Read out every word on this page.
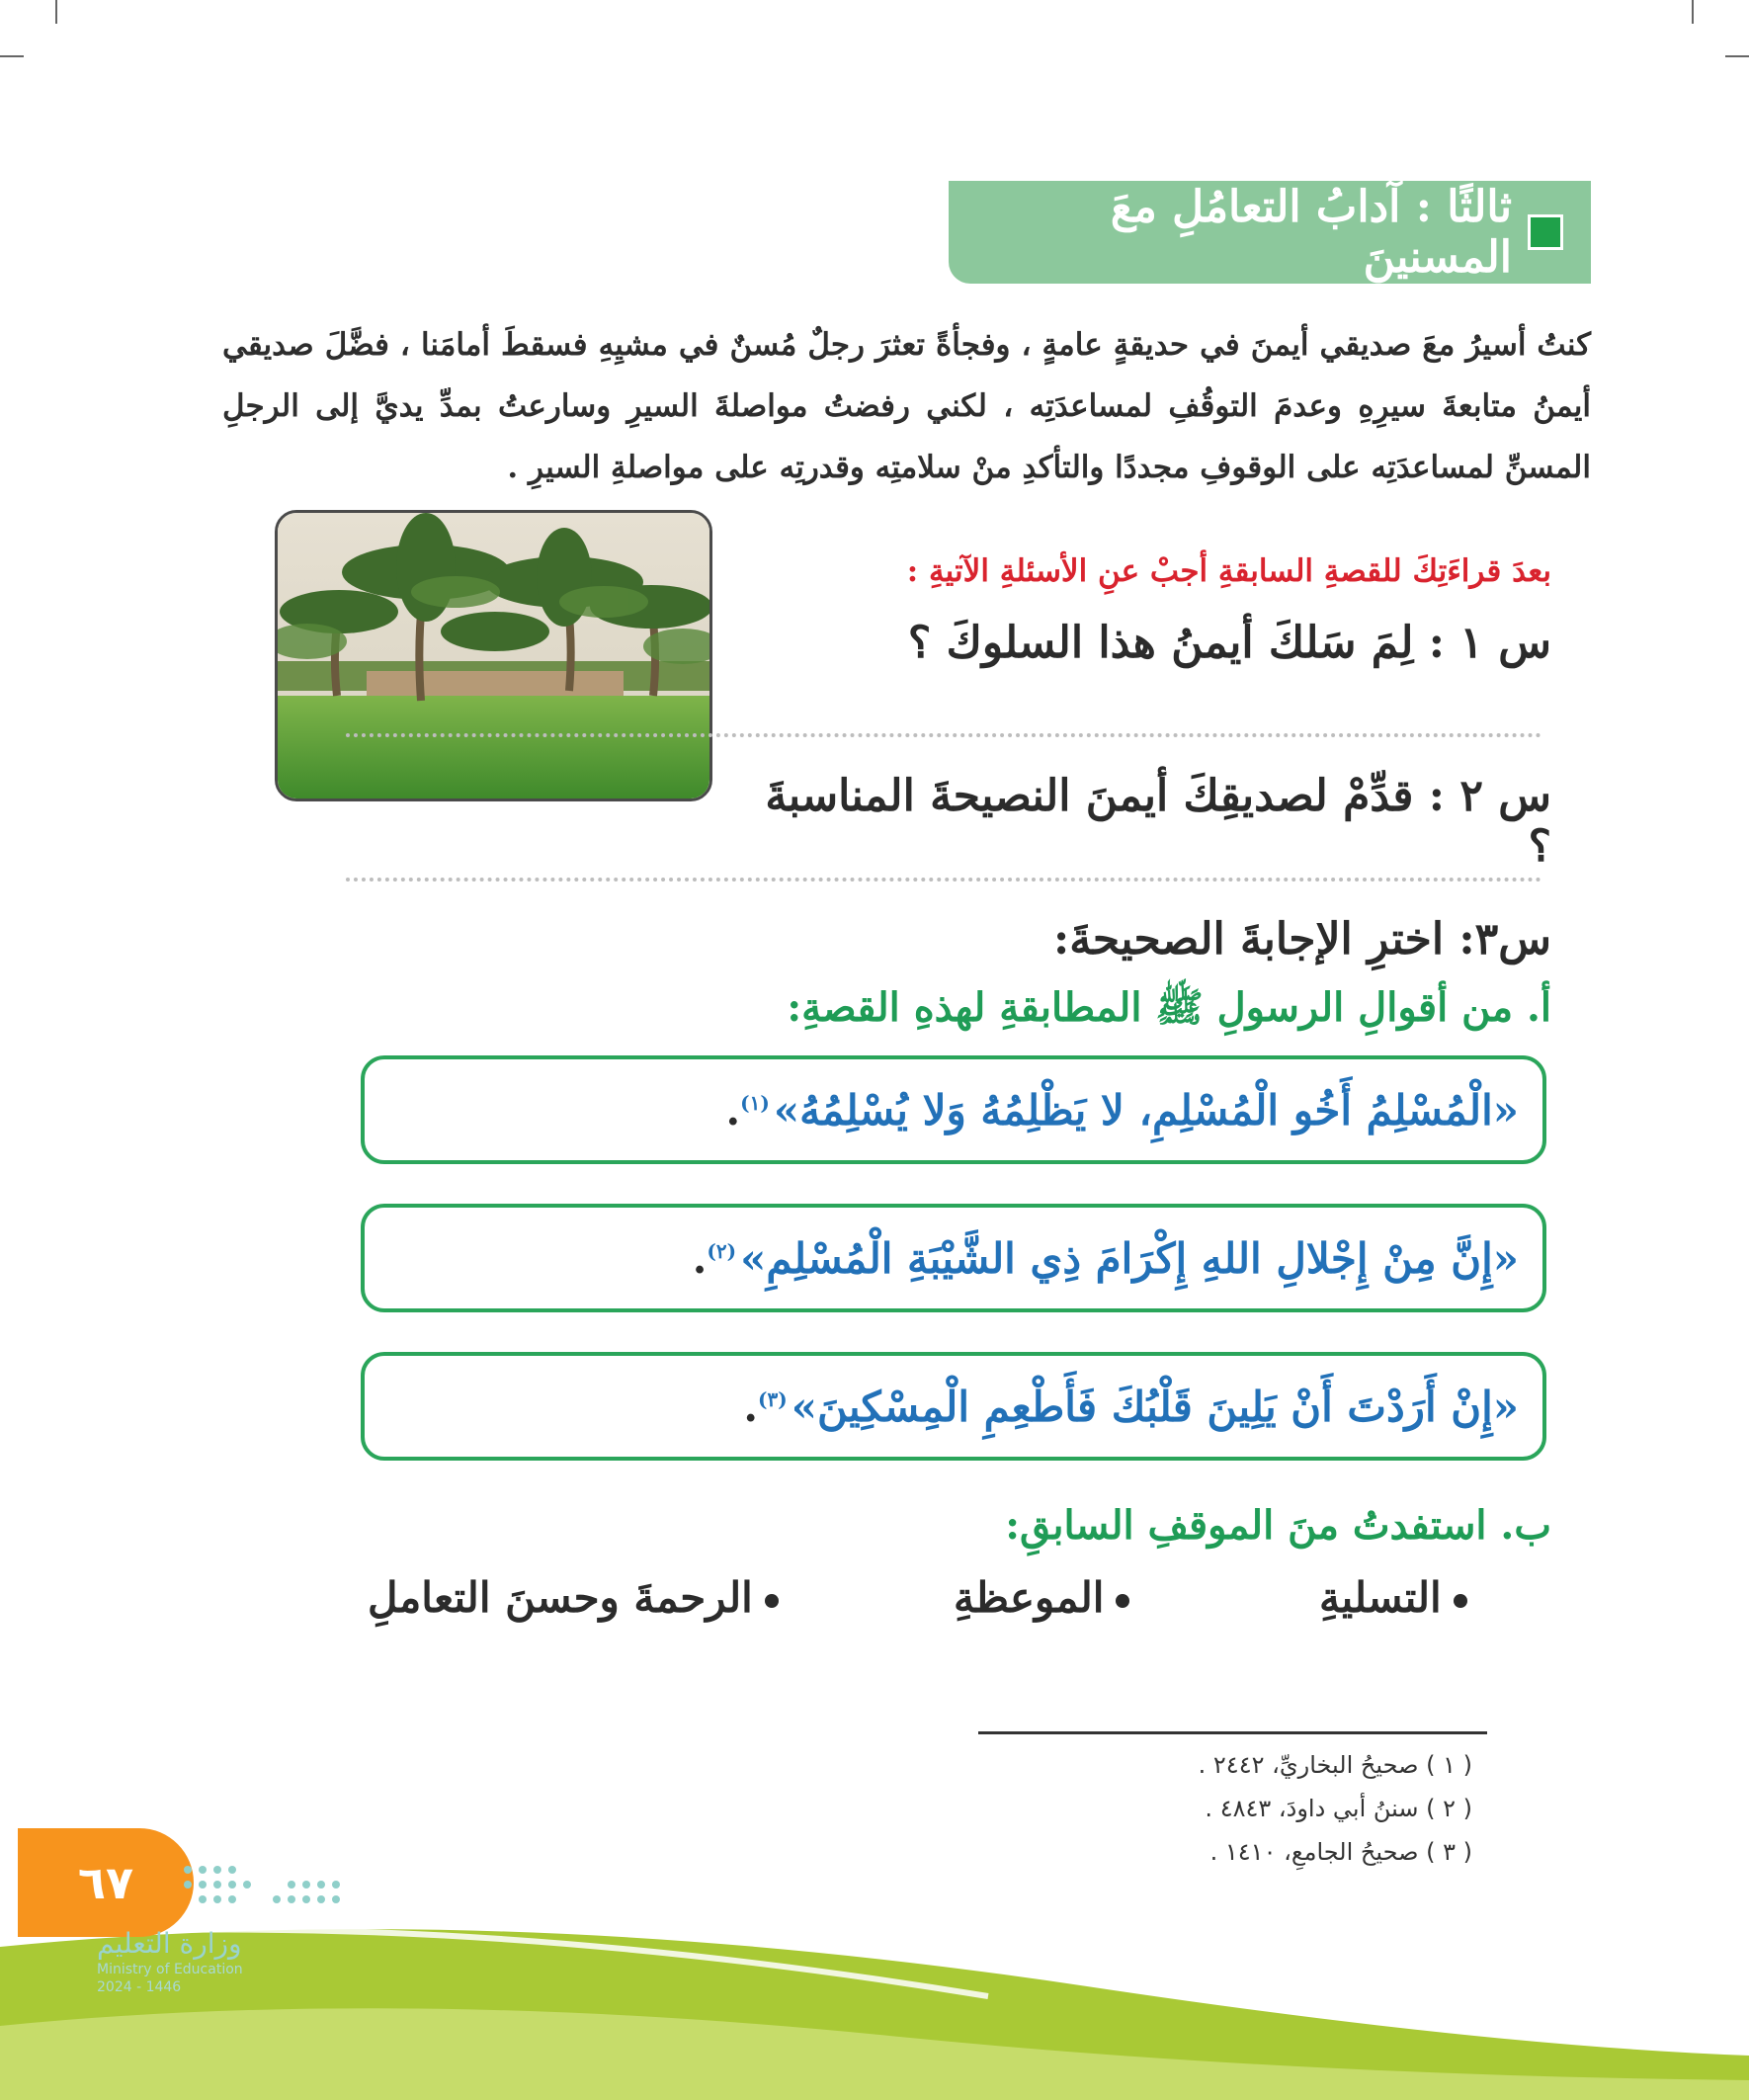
ثالثًا : آدابُ التعامُلِ معَ المسنينَ
كنتُ أسيرُ معَ صديقي أيمنَ في حديقةٍ عامةٍ ، وفجأةً تعثرَ رجلٌ مُسنٌ في مشيِهِ فسقطَ أمامَنا ، فضَّلَ صديقي أيمنُ متابعةَ سيرِهِ وعدمَ التوقُفِ لمساعدَتِه ، لكني رفضتُ مواصلةَ السيرِ وسارعتُ بمدِّ يديَّ إلى الرجلِ المسنِّ لمساعدَتِه على الوقوفِ مجددًا والتأكدِ منْ سلامتِه وقدرتِه على مواصلةِ السيرِ .
بعدَ قراءَتِكَ للقصةِ السابقةِ أجبْ عنِ الأسئلةِ الآتيةِ :
س ١ : لِمَ سَلكَ أيمنُ هذا السلوكَ ؟
س ٢ : قدِّمْ لصديقِكَ أيمنَ النصيحةَ المناسبةَ ؟
س٣: اخترِ الإجابةَ الصحيحةَ:
أ. من أقوالِ الرسولِ ﷺ المطابقةِ لهذهِ القصةِ:
«الْمُسْلِمُ أَخُو الْمُسْلِمِ، لا يَظْلِمُهُ وَلا يُسْلِمُهُ»$^{(١)}$.
«إِنَّ مِنْ إِجْلالِ اللهِ إِكْرَامَ ذِي الشَّيْبَةِ الْمُسْلِمِ»$^{(٢)}$.
«إِنْ أَرَدْتَ أَنْ يَلِينَ قَلْبُكَ فَأَطْعِمِ الْمِسْكِينَ»$^{(٣)}$.
ب. استفدتُ منَ الموقفِ السابقِ:
التسليةِ
الموعظةِ
الرحمةَ وحسنَ التعاملِ
( ١ ) صحيحُ البخاريِّ، ٢٤٤٢ .
( ٢ ) سننُ أبي داودَ، ٤٨٤٣ .
( ٣ ) صحيحُ الجامعِ، ١٤١٠ .
٦٧
وزارة التعليم
Ministry of Education
2024 - 1446
